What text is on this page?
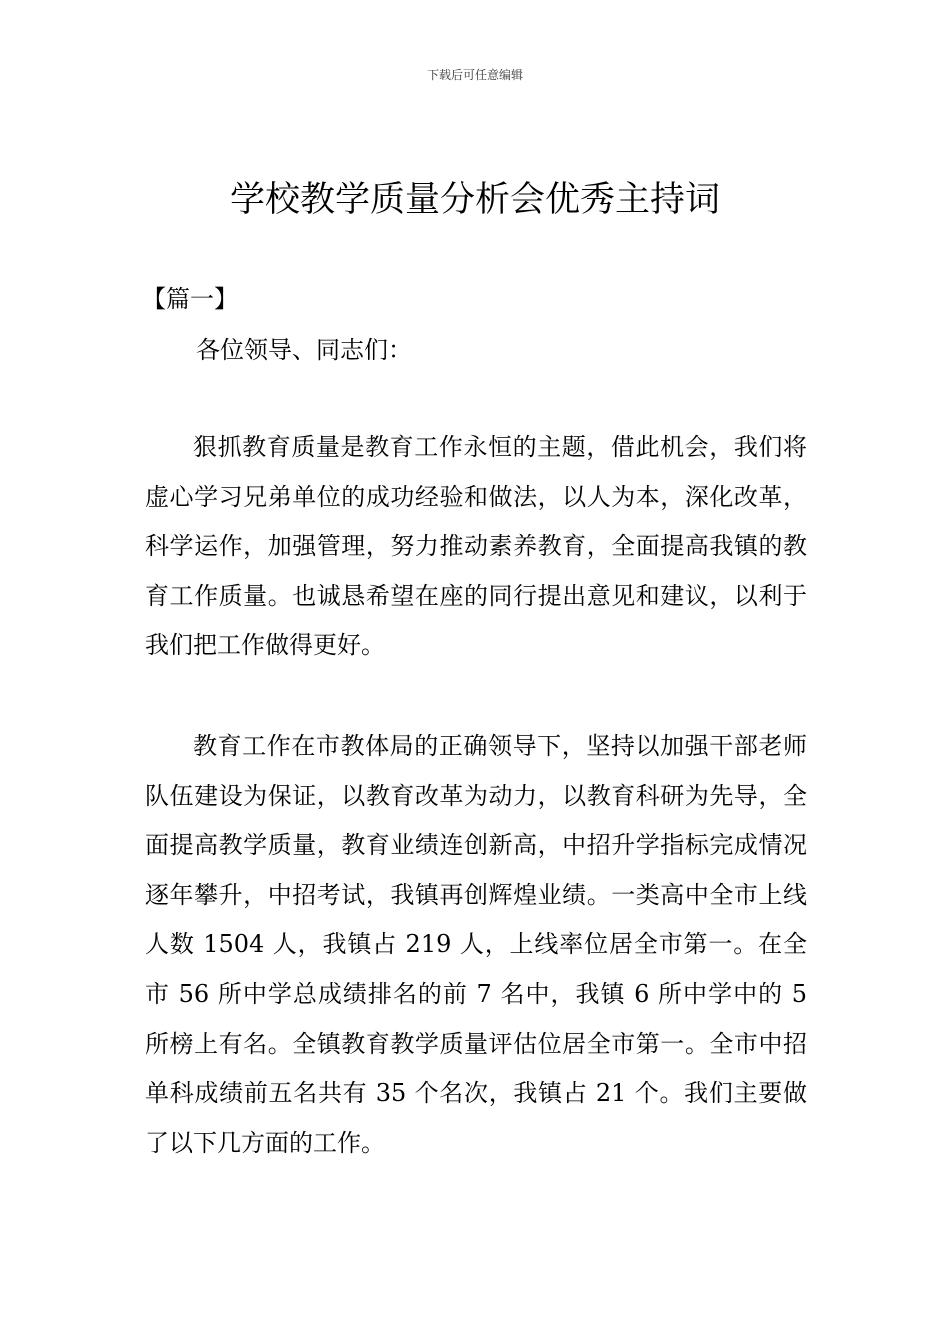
下载后可任意编辑
学校教学质量分析会优秀主持词

【篇一】

各位领导、同志们：

狠抓教育质量是教育工作永恒的主题，借此机会，我们将虚心学习兄弟单位的成功经验和做法，以人为本，深化改革，科学运作，加强管理，努力推动素养教育，全面提高我镇的教育工作质量。也诚恳希望在座的同行提出意见和建议，以利于我们把工作做得更好。

教育工作在市教体局的正确领导下，坚持以加强干部老师队伍建设为保证，以教育改革为动力，以教育科研为先导，全面提高教学质量，教育业绩连创新高，中招升学指标完成情况逐年攀升，中招考试，我镇再创辉煌业绩。一类高中全市上线人数 1504 人，我镇占 219 人，上线率位居全市第一。在全市 56 所中学总成绩排名的前 7 名中，我镇 6 所中学中的 5 所榜上有名。全镇教育教学质量评估位居全市第一。全市中招单科成绩前五名共有 35 个名次，我镇占 21 个。我们主要做了以下几方面的工作。
